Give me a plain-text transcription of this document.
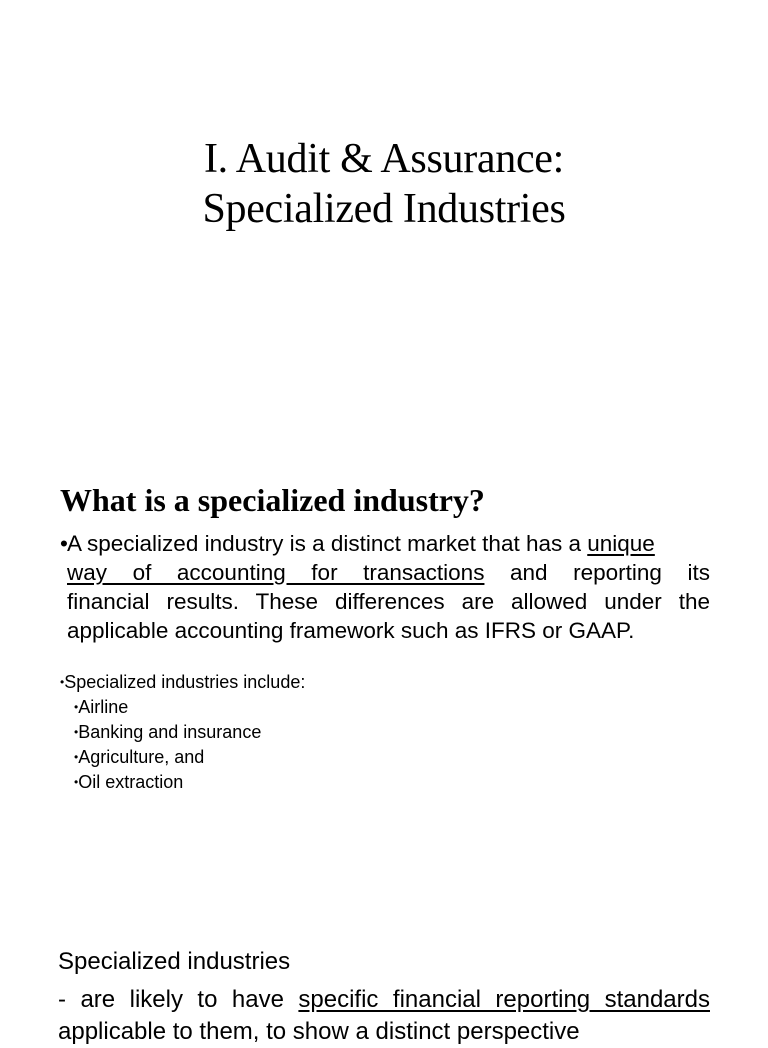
I. Audit & Assurance:
Specialized Industries
What is a specialized industry?
• A specialized industry is a distinct market that has a unique
way of accounting for transactions and reporting its
financial results. These differences are allowed under the
applicable accounting framework such as IFRS or GAAP.
•Specialized industries include:
•Airline
•Banking and insurance
•Agriculture, and
•Oil extraction
Specialized industries
- are likely to have specific financial reporting standards
applicable to them, to show a distinct perspective
